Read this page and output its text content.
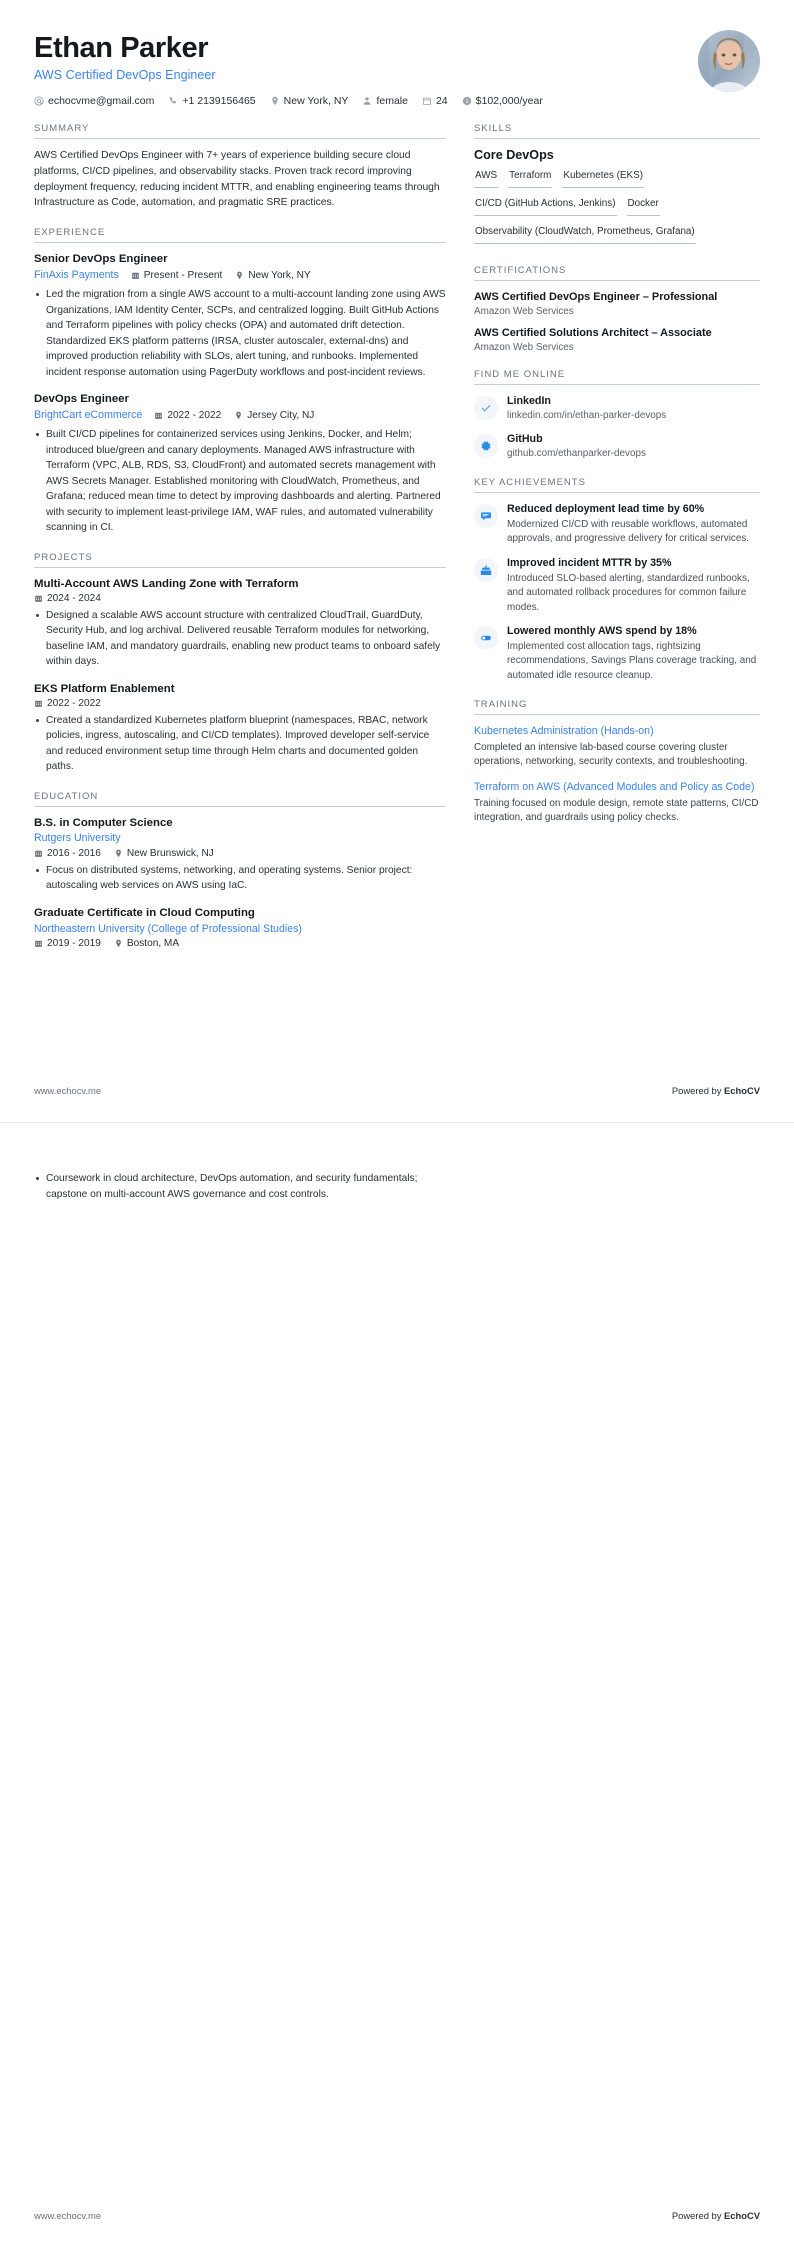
Ethan Parker
AWS Certified DevOps Engineer
echocvme@gmail.com	+1 2139156465	New York, NY	female	24	$102,000/year
SUMMARY
AWS Certified DevOps Engineer with 7+ years of experience building secure cloud platforms, CI/CD pipelines, and observability stacks. Proven track record improving deployment frequency, reducing incident MTTR, and enabling engineering teams through Infrastructure as Code, automation, and pragmatic SRE practices.
EXPERIENCE
Senior DevOps Engineer
FinAxis Payments Present - Present	New York, NY
Led the migration from a single AWS account to a multi-account landing zone using AWS Organizations, IAM Identity Center, SCPs, and centralized logging. Built GitHub Actions and Terraform pipelines with policy checks (OPA) and automated drift detection. Standardized EKS platform patterns (IRSA, cluster autoscaler, external-dns) and improved production reliability with SLOs, alert tuning, and runbooks. Implemented incident response automation using PagerDuty workflows and post-incident reviews.
DevOps Engineer
BrightCart eCommerce 2022 - 2022	Jersey City, NJ
Built CI/CD pipelines for containerized services using Jenkins, Docker, and Helm; introduced blue/green and canary deployments. Managed AWS infrastructure with Terraform (VPC, ALB, RDS, S3, CloudFront) and automated secrets management with AWS Secrets Manager. Established monitoring with CloudWatch, Prometheus, and Grafana; reduced mean time to detect by improving dashboards and alerting. Partnered with security to implement least-privilege IAM, WAF rules, and automated vulnerability scanning in CI.
PROJECTS
Multi-Account AWS Landing Zone with Terraform
2024 - 2024
Designed a scalable AWS account structure with centralized CloudTrail, GuardDuty, Security Hub, and log archival. Delivered reusable Terraform modules for networking, baseline IAM, and mandatory guardrails, enabling new product teams to onboard safely within days.
EKS Platform Enablement
2022 - 2022
Created a standardized Kubernetes platform blueprint (namespaces, RBAC, network policies, ingress, autoscaling, and CI/CD templates). Improved developer self-service and reduced environment setup time through Helm charts and documented golden paths.
EDUCATION
B.S. in Computer Science
Rutgers University
2016 - 2016	New Brunswick, NJ
Focus on distributed systems, networking, and operating systems. Senior project: autoscaling web services on AWS using IaC.
Graduate Certificate in Cloud Computing
Northeastern University (College of Professional Studies)
2019 - 2019	Boston, MA
SKILLS
Core DevOps
AWS Terraform Kubernetes (EKS)
CI/CD (GitHub Actions, Jenkins) Docker
Observability (CloudWatch, Prometheus, Grafana)
CERTIFICATIONS
AWS Certified DevOps Engineer – Professional
Amazon Web Services
AWS Certified Solutions Architect – Associate
Amazon Web Services
FIND ME ONLINE
LinkedIn
linkedin.com/in/ethan-parker-devops
GitHub
github.com/ethanparker-devops
KEY ACHIEVEMENTS
Reduced deployment lead time by 60%
Modernized CI/CD with reusable workflows, automated approvals, and progressive delivery for critical services.
Improved incident MTTR by 35%
Introduced SLO-based alerting, standardized runbooks, and automated rollback procedures for common failure modes.
Lowered monthly AWS spend by 18%
Implemented cost allocation tags, rightsizing recommendations, Savings Plans coverage tracking, and automated idle resource cleanup.
TRAINING
Kubernetes Administration (Hands-on)
Completed an intensive lab-based course covering cluster operations, networking, security contexts, and troubleshooting.
Terraform on AWS (Advanced Modules and Policy as Code)
Training focused on module design, remote state patterns, CI/CD integration, and guardrails using policy checks.
www.echocv.me	Powered by EchoCV
Coursework in cloud architecture, DevOps automation, and security fundamentals; capstone on multi-account AWS governance and cost controls.
www.echocv.me	Powered by EchoCV
